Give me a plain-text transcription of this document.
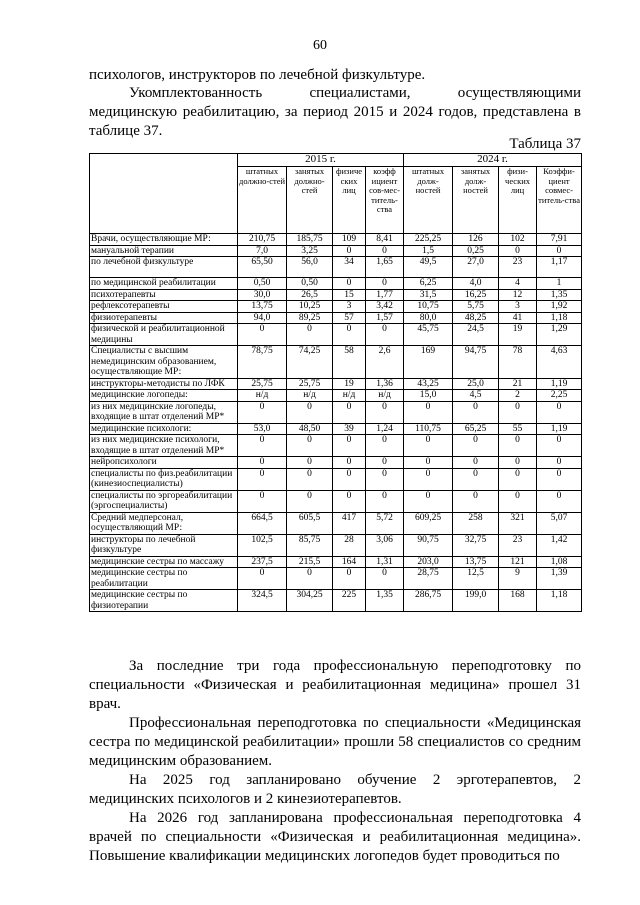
60

психологов, инструкторов по лечебной физкультуре.

Укомплектованность специалистами, осуществляющими медицинскую реабилитацию, за период 2015 и 2024 годов, представлена в таблице 37.

Таблица 37
	2015 г.				2024 г.			
	штатных должно-стей	занятых должно-стей	физиче ских лиц	коэфф ициент сов-мес-титель-ства	штатных долж-ностей	занятых долж-ностей	физи-ческих лиц	Коэффи-циент совмес-титель-ства
Врачи, осуществляющие МР:	210,75	185,75	109	8,41	225,25	126	102	7,91
мануальной терапии	7,0	3,25	0	0	1,5	0,25	0	0
по лечебной физкультуре	65,50	56,0	34	1,65	49,5	27,0	23	1,17
по медицинской реабилитации	0,50	0,50	0	0	6,25	4,0	4	1
психотерапевты	30,0	26,5	15	1,77	31,5	16,25	12	1,35
рефлексотерапевты	13,75	10,25	3	3,42	10,75	5,75	3	1,92
физиотерапевты	94,0	89,25	57	1,57	80,0	48,25	41	1,18
физической и реабилитационной медицины	0	0	0	0	45,75	24,5	19	1,29
Специалисты с высшим немедицинским образованием, осуществляющие МР:	78,75	74,25	58	2,6	169	94,75	78	4,63
инструкторы-методисты по ЛФК	25,75	25,75	19	1,36	43,25	25,0	21	1,19
медицинские логопеды:	н/д	н/д	н/д	н/д	15,0	4,5	2	2,25
из них медицинские логопеды, входящие в штат отделений МР*	0	0	0	0	0	0	0	0
медицинские психологи:	53,0	48,50	39	1,24	110,75	65,25	55	1,19
из них медицинские психологи, входящие в штат отделений МР*	0	0	0	0	0	0	0	0
нейропсихологи	0	0	0	0	0	0	0	0
специалисты по физ.реабилитации (кинезиоспециалисты)	0	0	0	0	0	0	0	0
специалисты по эргореабилитации (эргоспециалисты)	0	0	0	0	0	0	0	0
Средний медперсонал, осуществляющий МР:	664,5	605,5	417	5,72	609,25	258	321	5,07
инструкторы по лечебной физкультуре	102,5	85,75	28	3,06	90,75	32,75	23	1,42
медицинские сестры по массажу	237,5	215,5	164	1,31	203,0	13,75	121	1,08
медицинские сестры по реабилитации	0	0	0	0	28,75	12,5	9	1,39
медицинские сестры по физиотерапии	324,5	304,25	225	1,35	286,75	199,0	168	1,18

За последние три года профессиональную переподготовку по специальности «Физическая и реабилитационная медицина» прошел 31 врач.

Профессиональная переподготовка по специальности «Медицинская сестра по медицинской реабилитации» прошли 58 специалистов со средним медицинским образованием.

На 2025 год запланировано обучение 2 эрготерапевтов, 2 медицинских психологов и 2 кинезиотерапевтов.

На 2026 год запланирована профессиональная переподготовка 4 врачей по специальности «Физическая и реабилитационная медицина». Повышение квалификации медицинских логопедов будет проводиться по
